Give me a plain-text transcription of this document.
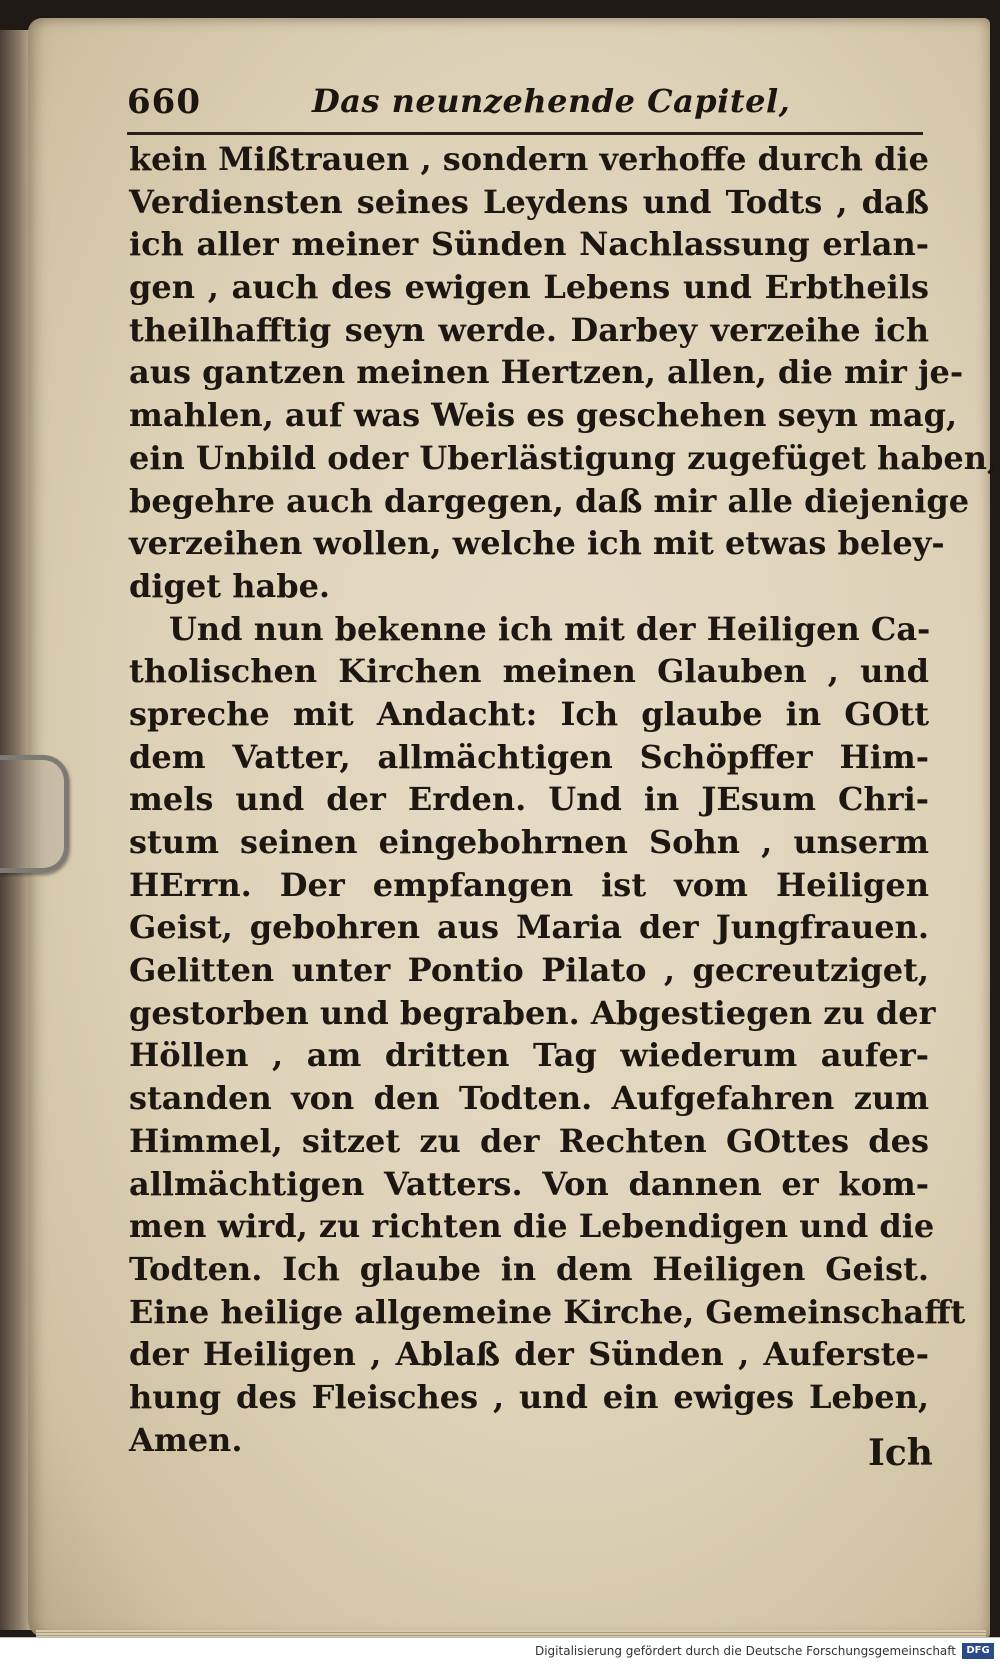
660	Das neunzehende Capitel,
kein Mißtrauen , sondern verhoffe durch die
Verdiensten seines Leydens und Todts , daß
ich aller meiner Sünden Nachlassung erlan-
gen , auch des ewigen Lebens und Erbtheils
theilhafftig seyn werde. Darbey verzeihe ich
aus gantzen meinen Hertzen, allen, die mir je-
mahlen, auf was Weis es geschehen seyn mag,
ein Unbild oder Uberlästigung zugefüget haben,
begehre auch dargegen, daß mir alle diejenige
verzeihen wollen, welche ich mit etwas beley-
diget habe.
Und nun bekenne ich mit der Heiligen Ca-
tholischen Kirchen meinen Glauben , und
spreche mit Andacht: Ich glaube in GOtt
dem Vatter, allmächtigen Schöpffer Him-
mels und der Erden. Und in JEsum Chri-
stum seinen eingebohrnen Sohn , unserm
HErrn. Der empfangen ist vom Heiligen
Geist, gebohren aus Maria der Jungfrauen.
Gelitten unter Pontio Pilato , gecreutziget,
gestorben und begraben. Abgestiegen zu der
Höllen , am dritten Tag wiederum aufer-
standen von den Todten. Aufgefahren zum
Himmel, sitzet zu der Rechten GOttes des
allmächtigen Vatters. Von dannen er kom-
men wird, zu richten die Lebendigen und die
Todten. Ich glaube in dem Heiligen Geist.
Eine heilige allgemeine Kirche, Gemeinschafft
der Heiligen , Ablaß der Sünden , Auferste-
hung des Fleisches , und ein ewiges Leben,
Amen.	Ich
Digitalisierung gefördert durch die Deutsche Forschungsgemeinschaft	DFG
